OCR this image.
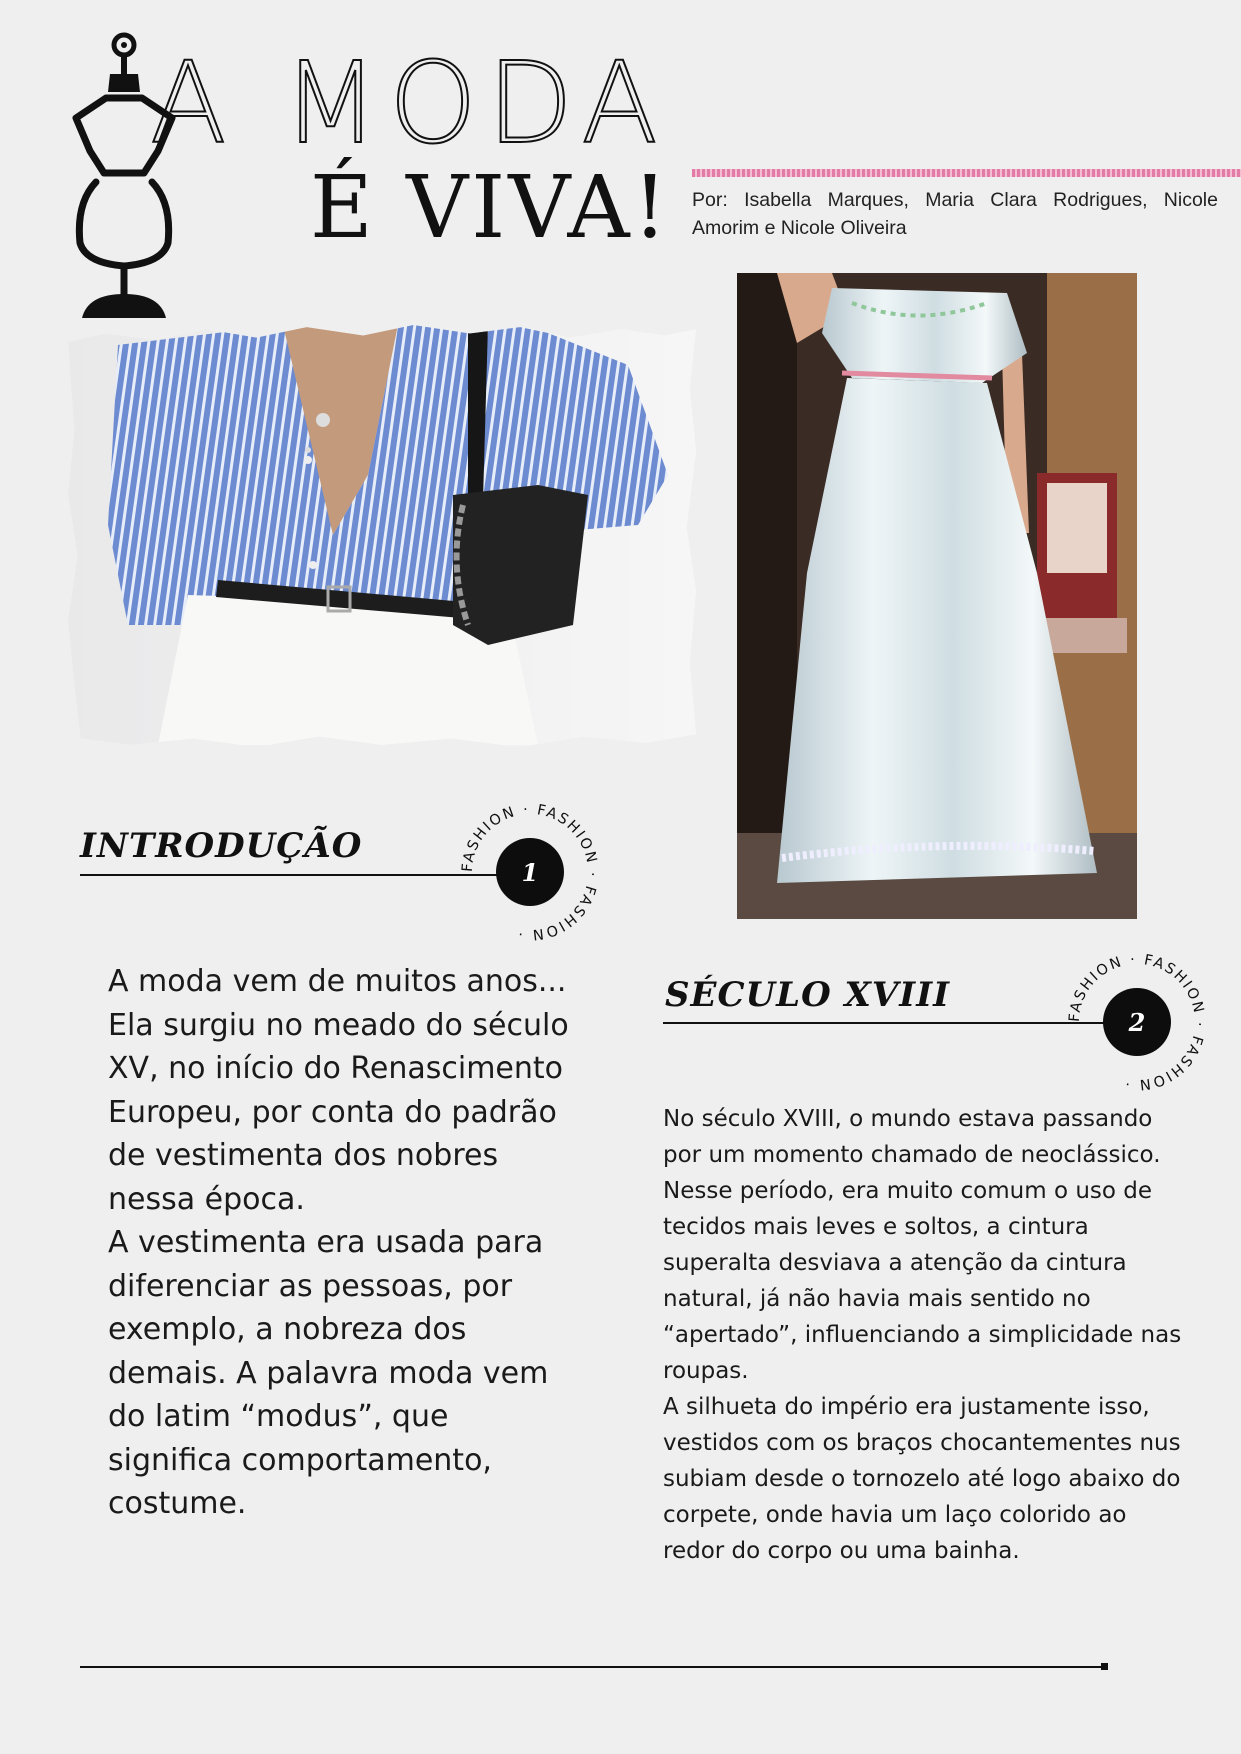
A MODA
É VIVA! Por: Isabella Marques, Maria Clara Rodrigues, Nicole Amorim e Nicole Oliveira
INTRODUÇÃO
FASHION · FASHION · FASHION ·
1
A moda vem de muitos anos...
Ela surgiu no meado do século XV, no início do Renascimento Europeu, por conta do padrão de vestimenta dos nobres nessa época.
A vestimenta era usada para diferenciar as pessoas, por exemplo, a nobreza dos demais. A palavra moda vem do latim “modus”, que significa comportamento, costume.
SÉCULO XVIII
FASHION · FASHION · FASHION ·
2
No século XVIII, o mundo estava passando por um momento chamado de neoclássico. Nesse período, era muito comum o uso de tecidos mais leves e soltos, a cintura superalta desviava a atenção da cintura natural, já não havia mais sentido no “apertado”, influenciando a simplicidade nas roupas.
A silhueta do império era justamente isso, vestidos com os braços chocantementes nus subiam desde o tornozelo até logo abaixo do corpete, onde havia um laço colorido ao redor do corpo ou uma bainha.
